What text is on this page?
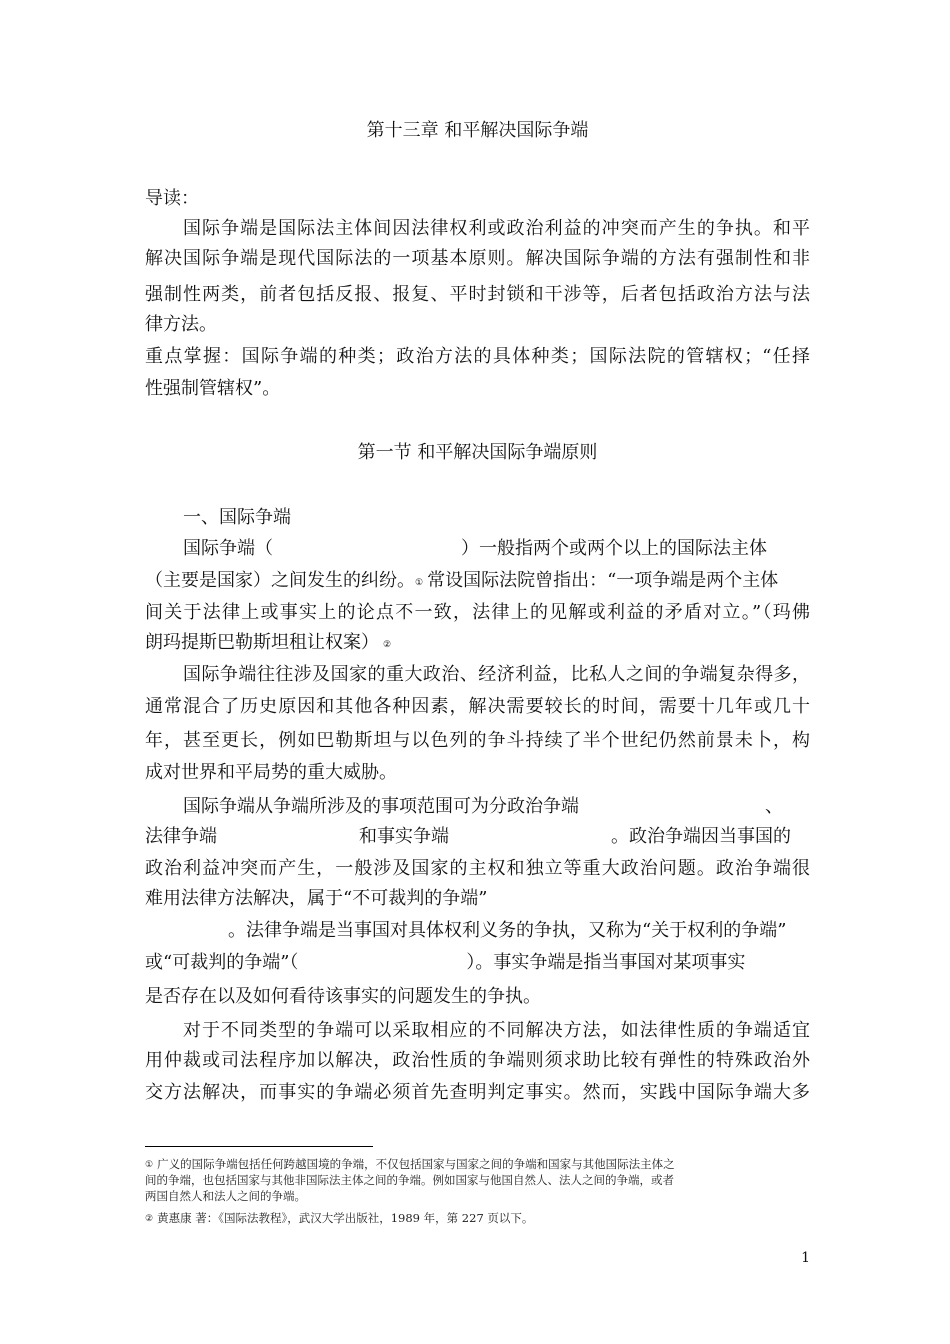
第十三章 和平解决国际争端
导读：
国际争端是国际法主体间因法律权利或政治利益的冲突而产生的争执。和平
解决国际争端是现代国际法的一项基本原则。解决国际争端的方法有强制性和非
强制性两类，前者包括反报、报复、平时封锁和干涉等，后者包括政治方法与法
律方法。
重点掌握：国际争端的种类；政治方法的具体种类；国际法院的管辖权；“任择
性强制管辖权”。
第一节 和平解决国际争端原则
一、国际争端
国际争端（	）一般指两个或两个以上的国际法主体
（主要是国家）之间发生的纠纷。① 常设国际法院曾指出：“一项争端是两个主体
间关于法律上或事实上的论点不一致，法律上的见解或利益的矛盾对立。”（玛佛
朗玛提斯巴勒斯坦租让权案） ②
国际争端往往涉及国家的重大政治、经济利益，比私人之间的争端复杂得多，
通常混合了历史原因和其他各种因素，解决需要较长的时间，需要十几年或几十
年，甚至更长，例如巴勒斯坦与以色列的争斗持续了半个世纪仍然前景未卜，构
成对世界和平局势的重大威胁。
国际争端从争端所涉及的事项范围可为分政治争端	、
法律争端	和事实争端	。政治争端因当事国的
政治利益冲突而产生，一般涉及国家的主权和独立等重大政治问题。政治争端很
难用法律方法解决，属于“不可裁判的争端”
。法律争端是当事国对具体权利义务的争执，又称为“关于权利的争端”
或“可裁判的争端”（	）。事实争端是指当事国对某项事实
是否存在以及如何看待该事实的问题发生的争执。
对于不同类型的争端可以采取相应的不同解决方法，如法律性质的争端适宜
用仲裁或司法程序加以解决，政治性质的争端则须求助比较有弹性的特殊政治外
交方法解决，而事实的争端必须首先查明判定事实。然而，实践中国际争端大多
① 广义的国际争端包括任何跨越国境的争端，不仅包括国家与国家之间的争端和国家与其他国际法主体之
间的争端，也包括国家与其他非国际法主体之间的争端。例如国家与他国自然人、法人之间的争端，或者
两国自然人和法人之间的争端。
② 黄惠康 著：《国际法教程》，武汉大学出版社，1989 年，第 227 页以下。
1
